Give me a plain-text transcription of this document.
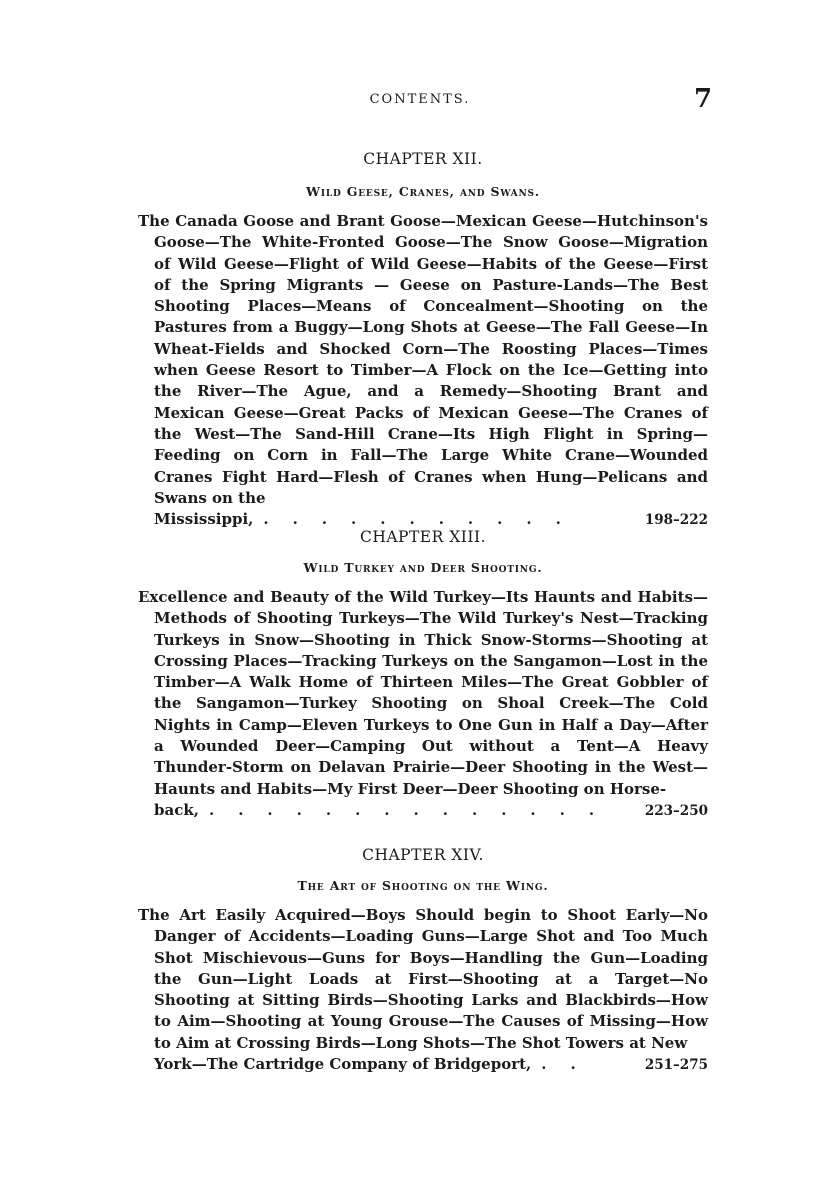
CONTENTS.	7

CHAPTER XII.

Wild Geese, Cranes, and Swans.

The Canada Goose and Brant Goose—Mexican Geese—Hutchinson's Goose—The White-Fronted Goose—The Snow Goose—Migration of Wild Geese—Flight of Wild Geese—Habits of the Geese—First of the Spring Migrants — Geese on Pasture-Lands—The Best Shooting Places—Means of Concealment—Shooting on the Pastures from a Buggy—Long Shots at Geese—The Fall Geese—In Wheat-Fields and Shocked Corn—The Roosting Places—Times when Geese Resort to Timber—A Flock on the Ice—Getting into the River—The Ague, and a Remedy—Shooting Brant and Mexican Geese—Great Packs of Mexican Geese—The Cranes of the West—The Sand-Hill Crane—Its High Flight in Spring—Feeding on Corn in Fall—The Large White Crane—Wounded Cranes Fight Hard—Flesh of Cranes when Hung—Pelicans and Swans on the
Mississippi, ...........	198–222

CHAPTER XIII.

Wild Turkey and Deer Shooting.

Excellence and Beauty of the Wild Turkey—Its Haunts and Habits—Methods of Shooting Turkeys—The Wild Turkey's Nest—Tracking Turkeys in Snow—Shooting in Thick Snow-Storms—Shooting at Crossing Places—Tracking Turkeys on the Sangamon—Lost in the Timber—A Walk Home of Thirteen Miles—The Great Gobbler of the Sangamon—Turkey Shooting on Shoal Creek—The Cold Nights in Camp—Eleven Turkeys to One Gun in Half a Day—After a Wounded Deer—Camping Out without a Tent—A Heavy Thunder-Storm on Delavan Prairie—Deer Shooting in the West—Haunts and Habits—My First Deer—Deer Shooting on Horse-
back, ..............	223–250

CHAPTER XIV.

The Art of Shooting on the Wing.

The Art Easily Acquired—Boys Should begin to Shoot Early—No Danger of Accidents—Loading Guns—Large Shot and Too Much Shot Mischievous—Guns for Boys—Handling the Gun—Loading the Gun—Light Loads at First—Shooting at a Target—No Shooting at Sitting Birds—Shooting Larks and Blackbirds—How to Aim—Shooting at Young Grouse—The Causes of Missing—How to Aim at Crossing Birds—Long Shots—The Shot Towers at New
York—The Cartridge Company of Bridgeport, ..	251–275
